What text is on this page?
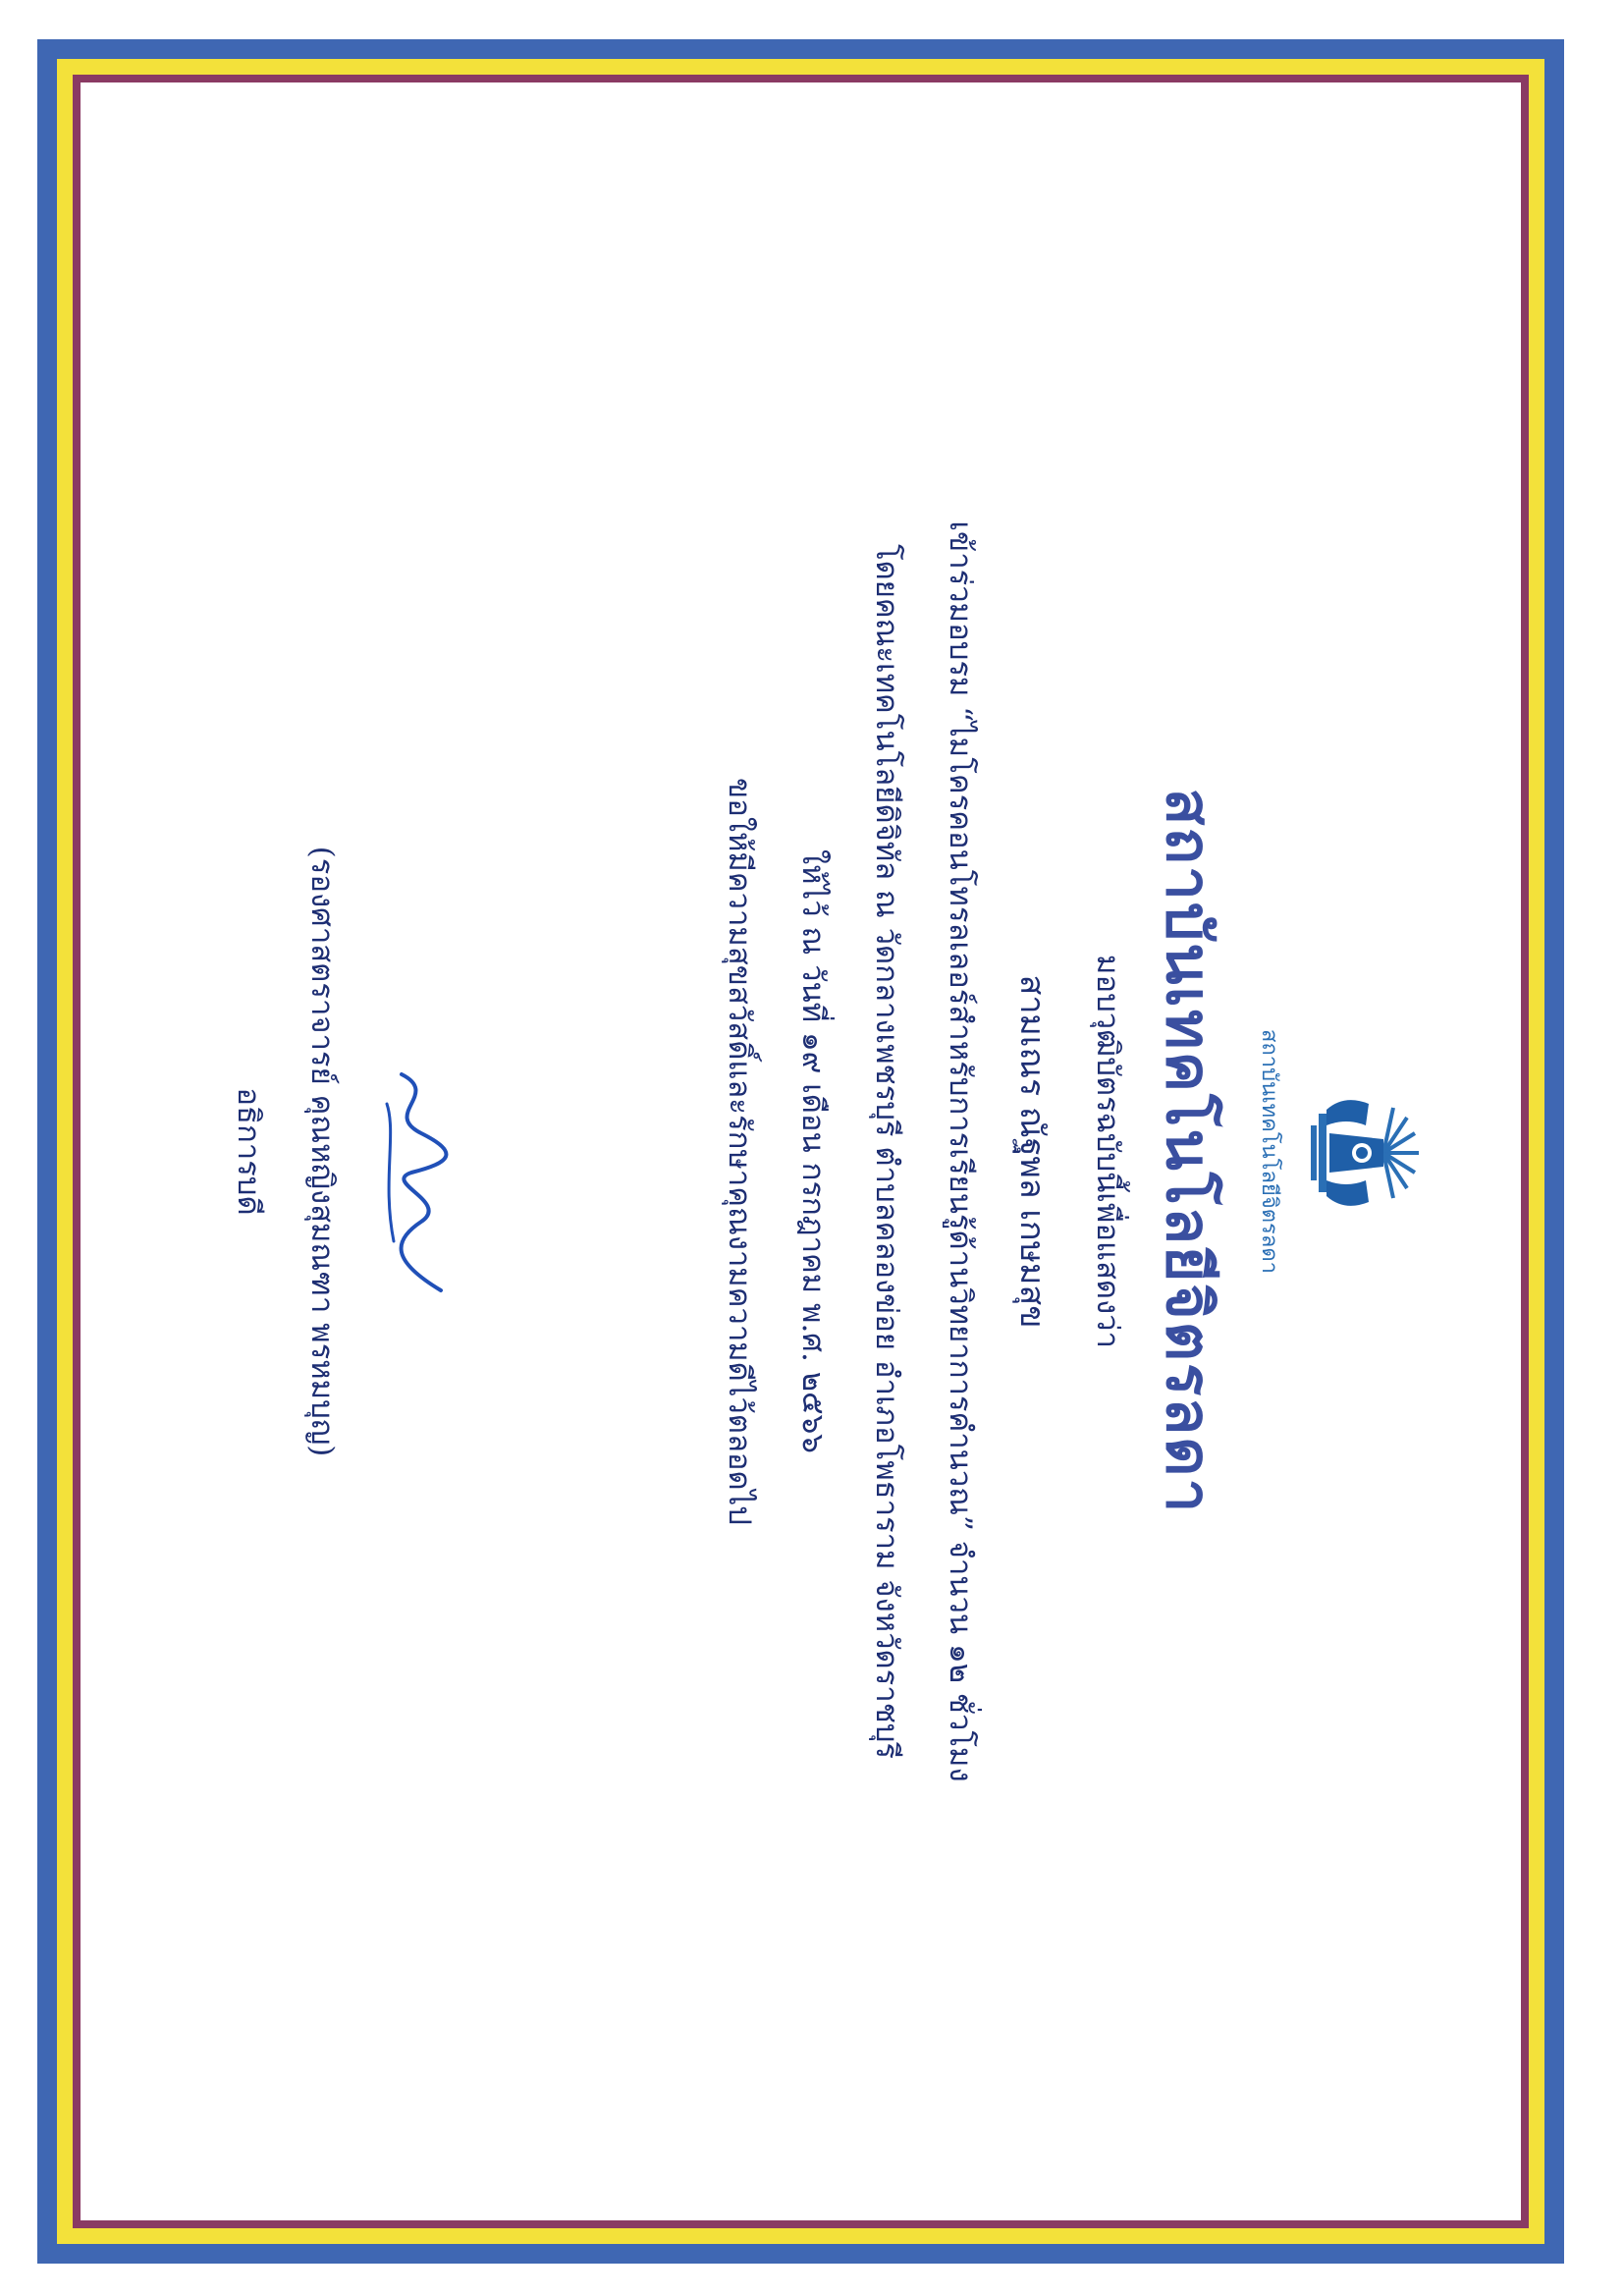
สถาบันเทคโนโลยีจิตรลดา
สถาบันเทคโนโลยีจิตรลดา
มอบวุฒิบัตรฉบับนี้เพื่อแสดงว่า
สามเณร ณัฐพล เกษมสุข
เข้าร่วมอบรม “ไมโครคอนโทรลเลอร์สำหรับการเรียนรู้ด้านวิทยาการคำนวณ” จำนวน ๑๒ ชั่วโมง
โดยคณะเทคโนโลยีดิจิทัล ณ วัดกลางเพชรบุรี ตำบลคลองข่อย อำเภอโพธาราม จังหวัดราชบุรี
ให้ไว้ ณ วันที่ ๑๙ เดือน กรกฎาคม พ.ศ. ๒๕๖๖
ขอให้มีความสุขสวัสดิ์และรักษาคุณงามความดีไว้ตลอดไป
(รองศาสตราจารย์ คุณหญิงสุมณฑา พรหมบุญ)
อธิการบดี
